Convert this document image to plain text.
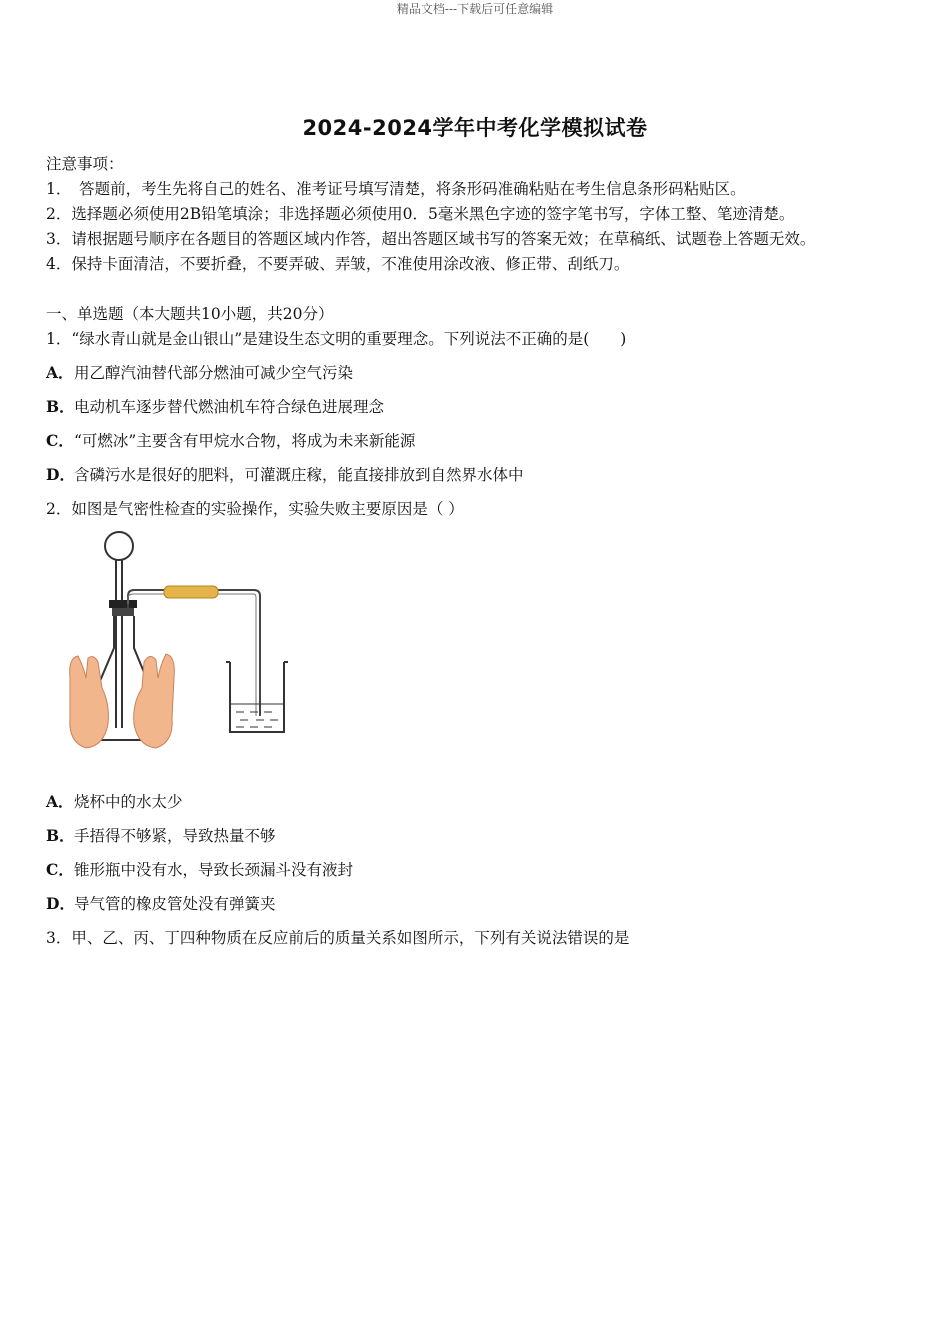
精品文档---下载后可任意编辑
2024-2024学年中考化学模拟试卷
注意事项：
1．　答题前，考生先将自己的姓名、准考证号填写清楚，将条形码准确粘贴在考生信息条形码粘贴区。
2．选择题必须使用2B铅笔填涂；非选择题必须使用0．5毫米黑色字迹的签字笔书写，字体工整、笔迹清楚。
3．请根据题号顺序在各题目的答题区域内作答，超出答题区域书写的答案无效；在草稿纸、试题卷上答题无效。
4．保持卡面清洁，不要折叠，不要弄破、弄皱，不准使用涂改液、修正带、刮纸刀。
一、单选题（本大题共10小题，共20分）
1．“绿水青山就是金山银山”是建设生态文明的重要理念。下列说法不正确的是(　　)
A．用乙醇汽油替代部分燃油可减少空气污染
B．电动机车逐步替代燃油机车符合绿色进展理念
C．“可燃冰”主要含有甲烷水合物，将成为未来新能源
D．含磷污水是很好的肥料，可灌溉庄稼，能直接排放到自然界水体中
2．如图是气密性检查的实验操作，实验失败主要原因是（ ）
A．烧杯中的水太少
B．手捂得不够紧，导致热量不够
C．锥形瓶中没有水，导致长颈漏斗没有液封
D．导气管的橡皮管处没有弹簧夹
3．甲、乙、丙、丁四种物质在反应前后的质量关系如图所示，下列有关说法错误的是
